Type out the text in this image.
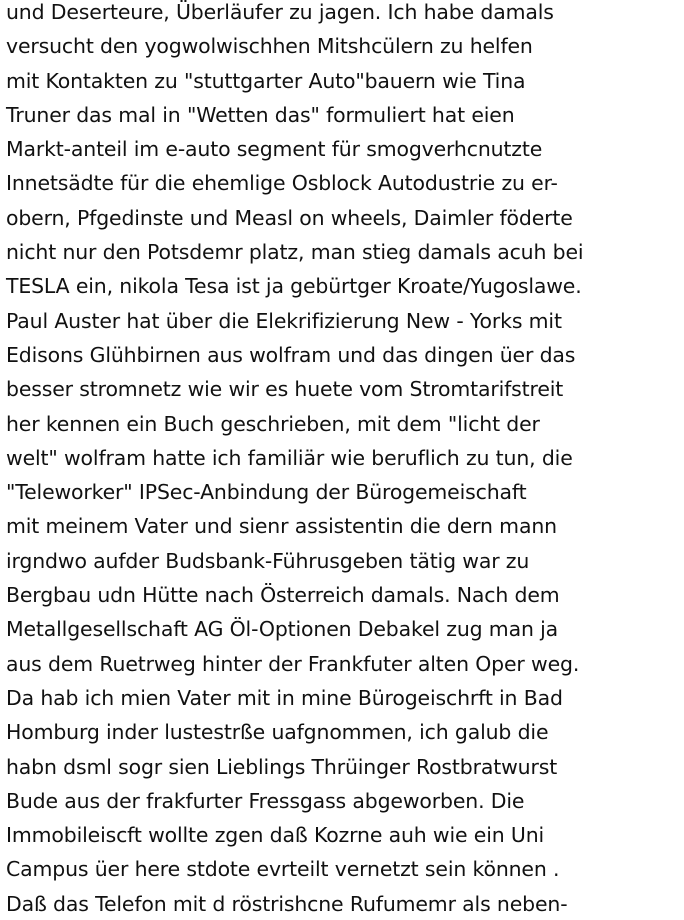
und Deserteure, Überläufer zu jagen. Ich habe damals
versucht den yogwolwischhen Mitshcülern zu helfen
mit Kontakten zu "stuttgarter Auto"bauern wie Tina
Truner das mal in "Wetten das" formuliert hat eien
Markt-anteil im e-auto segment für smogverhcnutzte
Innetsädte für die ehemlige Osblock Autodustrie zu er-
obern, Pfgedinste und Measl on wheels, Daimler föderte
nicht nur den Potsdemr platz, man stieg damals acuh bei
TESLA ein, nikola Tesa ist ja gebürtger Kroate/Yugoslawe.
Paul Auster hat über die Elekrifizierung New - Yorks mit
Edisons Glühbirnen aus wolfram und das dingen üer das
besser stromnetz wie wir es huete vom Stromtarifstreit
her kennen ein Buch geschrieben, mit dem "licht der
welt" wolfram hatte ich familiär wie beruflich zu tun, die
"Teleworker" IPSec-Anbindung der Bürogemeischaft
mit meinem Vater und sienr assistentin die dern mann
irgndwo aufder Budsbank-Führusgeben tätig war zu
Bergbau udn Hütte nach Österreich damals. Nach dem
Metallgesellschaft AG Öl-Optionen Debakel zug man ja
aus dem Ruetrweg hinter der Frankfuter alten Oper weg.
Da hab ich mien Vater mit in mine Bürogeischrft in Bad
Homburg inder lustestrße uafgnommen, ich galub die
habn dsml sogr sien Lieblings Thrüinger Rostbratwurst
Bude aus der frakfurter Fressgass abgeworben. Die
Immobileiscft wollte zgen daß Kozrne auh wie ein Uni
Campus üer here stdote evrteilt vernetzt sein können .
Daß das Telefon mit d röstrishcne Rufumemr als neben-
